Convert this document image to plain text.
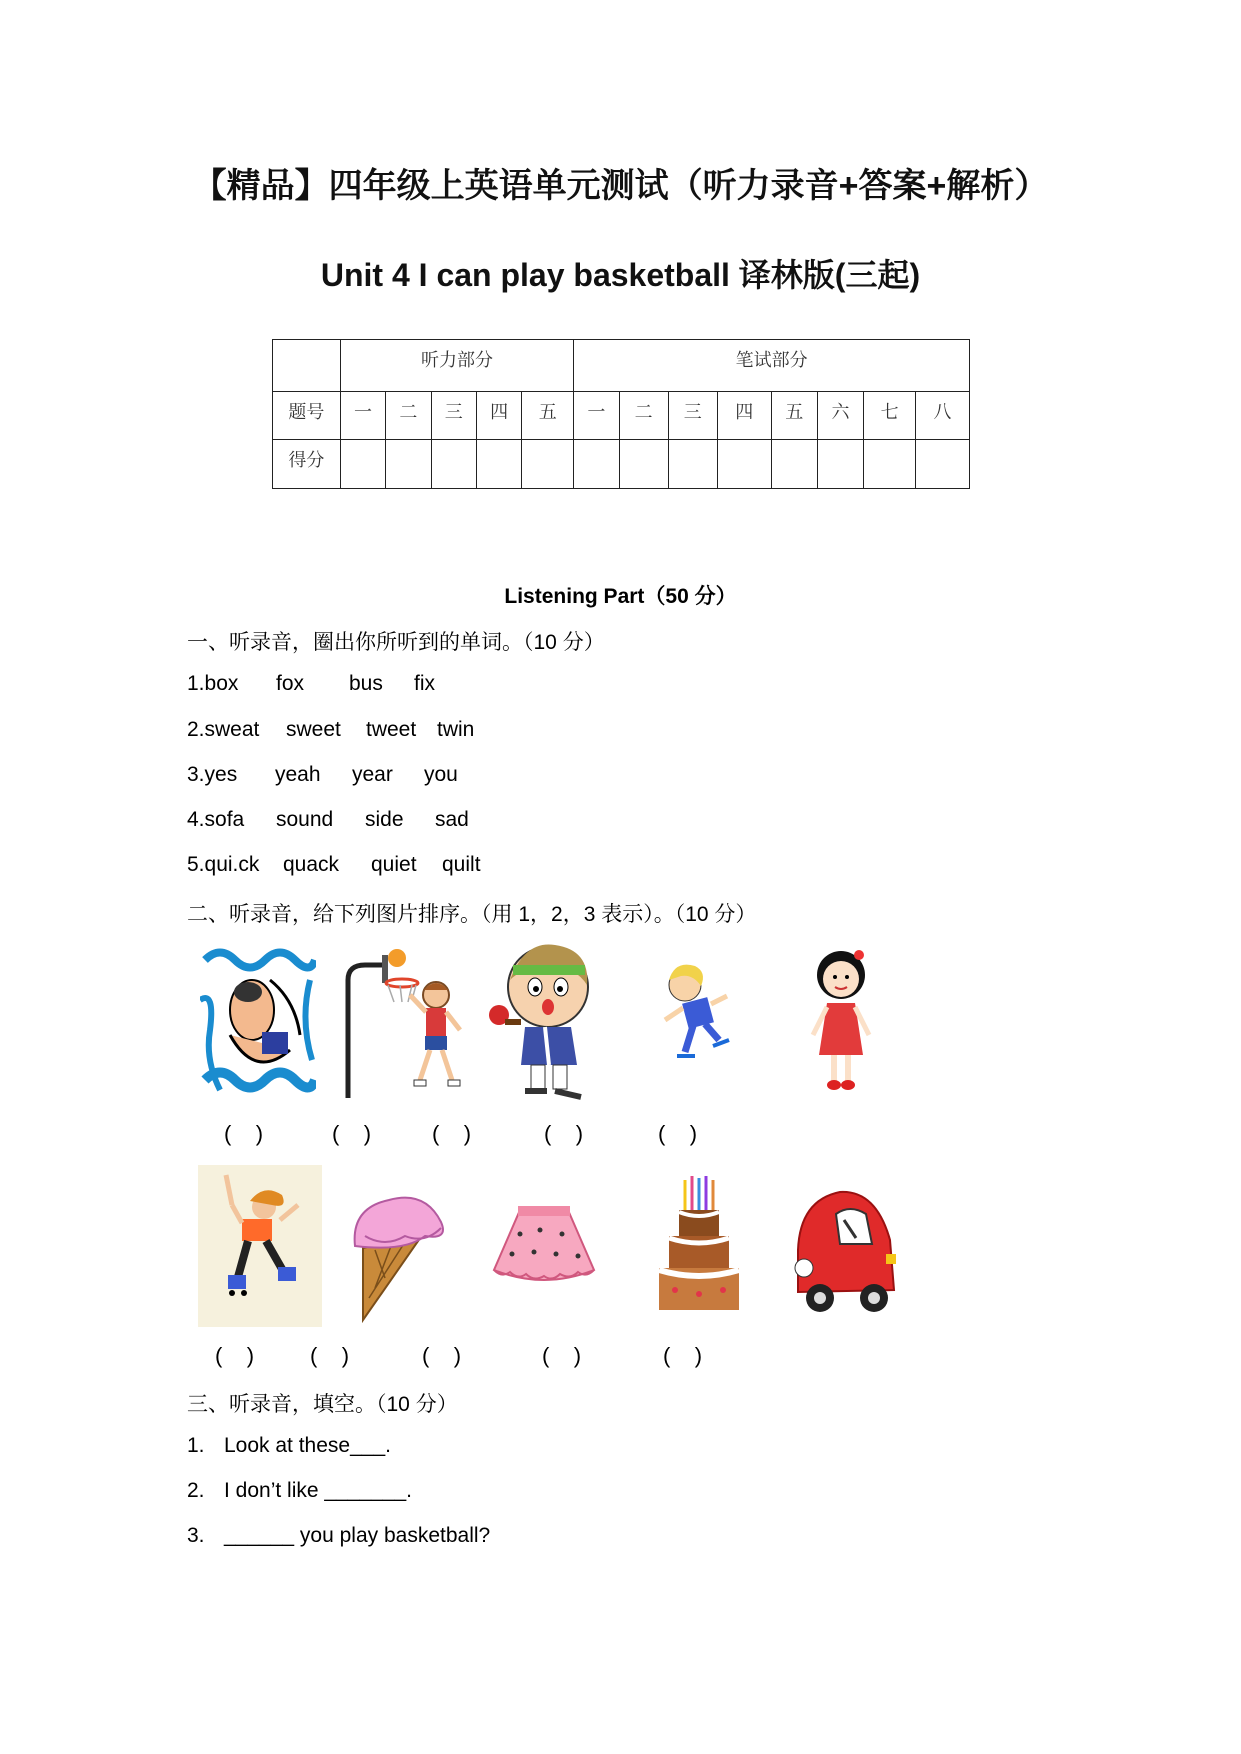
【精品】四年级上英语单元测试（听力录音+答案+解析）
Unit 4 I can play basketball 译林版(三起)
	听力部分					笔试部分							
题号	一	二	三	四	五	一	二	三	四	五	六	七	八
得分													
Listening Part（50 分）
一、听录音，圈出你所听到的单词。（10 分）
1.box fox bus fix
2.sweat sweet tweet twin
3.yes yeah year you
4.sofa sound side sad
5.qui.ck quack quiet quilt
二、听录音，给下列图片排序。（用 1，2，3 表示）。（10 分）
(    )	(    )	(    )	(    )	(    )
(    )	(    )	(    )	(    )	(    )
三、听录音，填空。（10 分）
1. Look at these___.
2. I don’t like _______.
3. ______ you play basketball?
